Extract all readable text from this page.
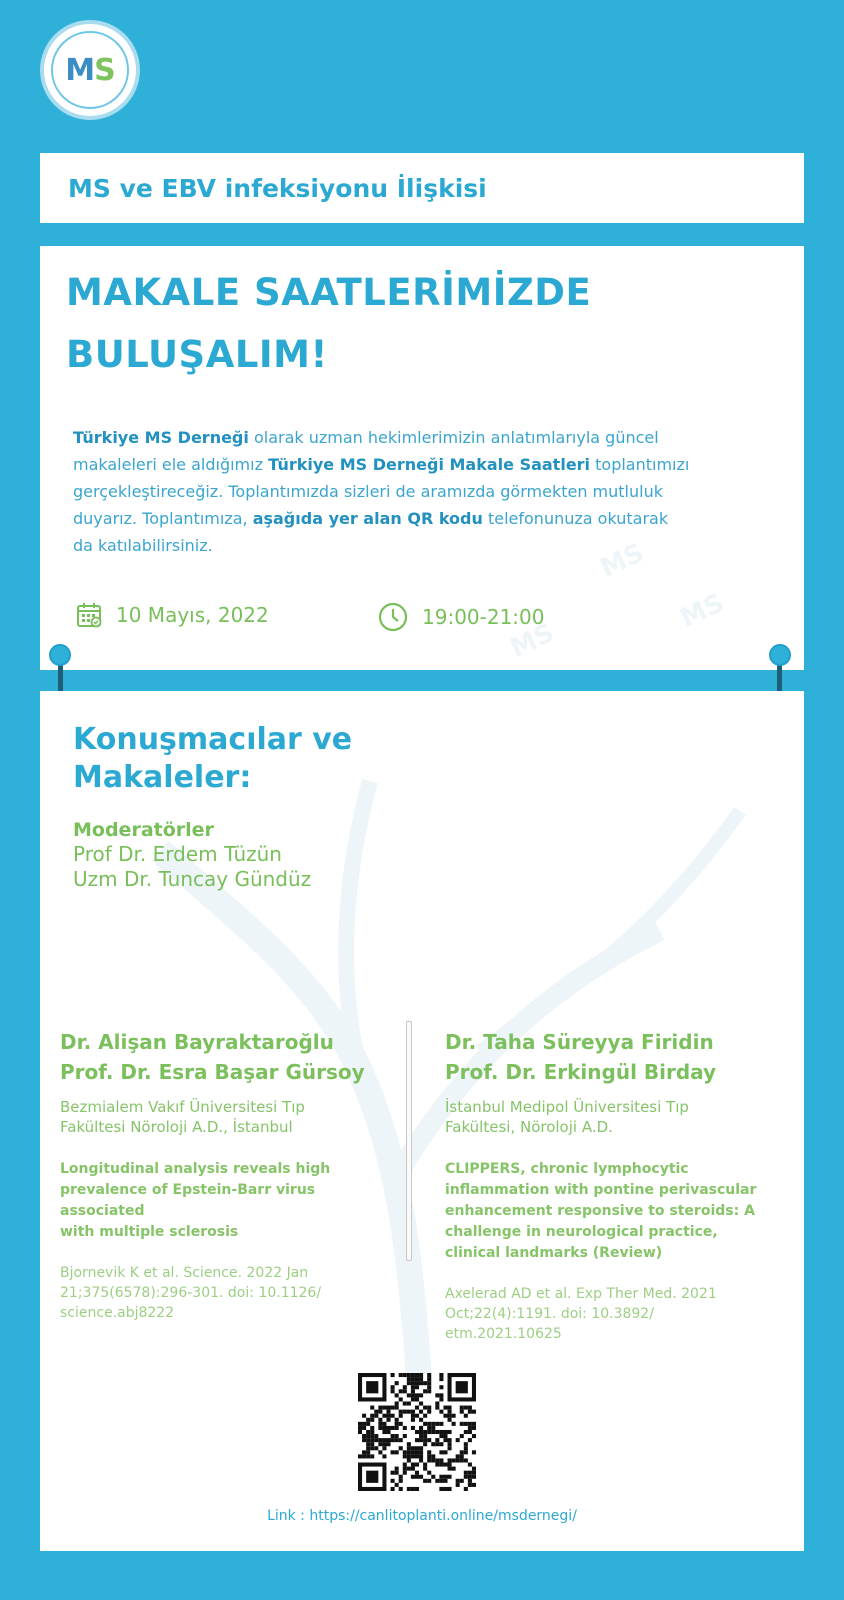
M S
MS ve EBV infeksiyonu İlişkisi
MS
MS
MS
MAKALE SAATLERİMİZDE
BULUŞALIM!
Türkiye MS Derneği olarak uzman hekimlerimizin anlatımlarıyla güncel makaleleri ele aldığımız Türkiye MS Derneği Makale Saatleri toplantımızı gerçekleştireceğiz. Toplantımızda sizleri de aramızda görmekten mutluluk duyarız. Toplantımıza, aşağıda yer alan QR kodu telefonunuza okutarak da katılabilirsiniz.
10 Mayıs, 2022	19:00-21:00
Konuşmacılar ve
Makaleler:
Moderatörler
Prof Dr. Erdem Tüzün
Uzm Dr. Tuncay Gündüz
Dr. Alişan Bayraktaroğlu
Prof. Dr. Esra Başar Gürsoy
Bezmialem Vakıf Üniversitesi Tıp
Fakültesi Nöroloji A.D., İstanbul
Longitudinal analysis reveals high
prevalence of Epstein-Barr virus associated
with multiple sclerosis
Bjornevik K et al. Science. 2022 Jan
21;375(6578):296-301. doi: 10.1126/
science.abj8222
Dr. Taha Süreyya Firidin
Prof. Dr. Erkingül Birday
İstanbul Medipol Üniversitesi Tıp
Fakültesi, Nöroloji A.D.
CLIPPERS, chronic lymphocytic
inflammation with pontine perivascular
enhancement responsive to steroids: A
challenge in neurological practice,
clinical landmarks (Review)
Axelerad AD et al. Exp Ther Med. 2021
Oct;22(4):1191. doi: 10.3892/
etm.2021.10625
Link : https://canlitoplanti.online/msdernegi/
